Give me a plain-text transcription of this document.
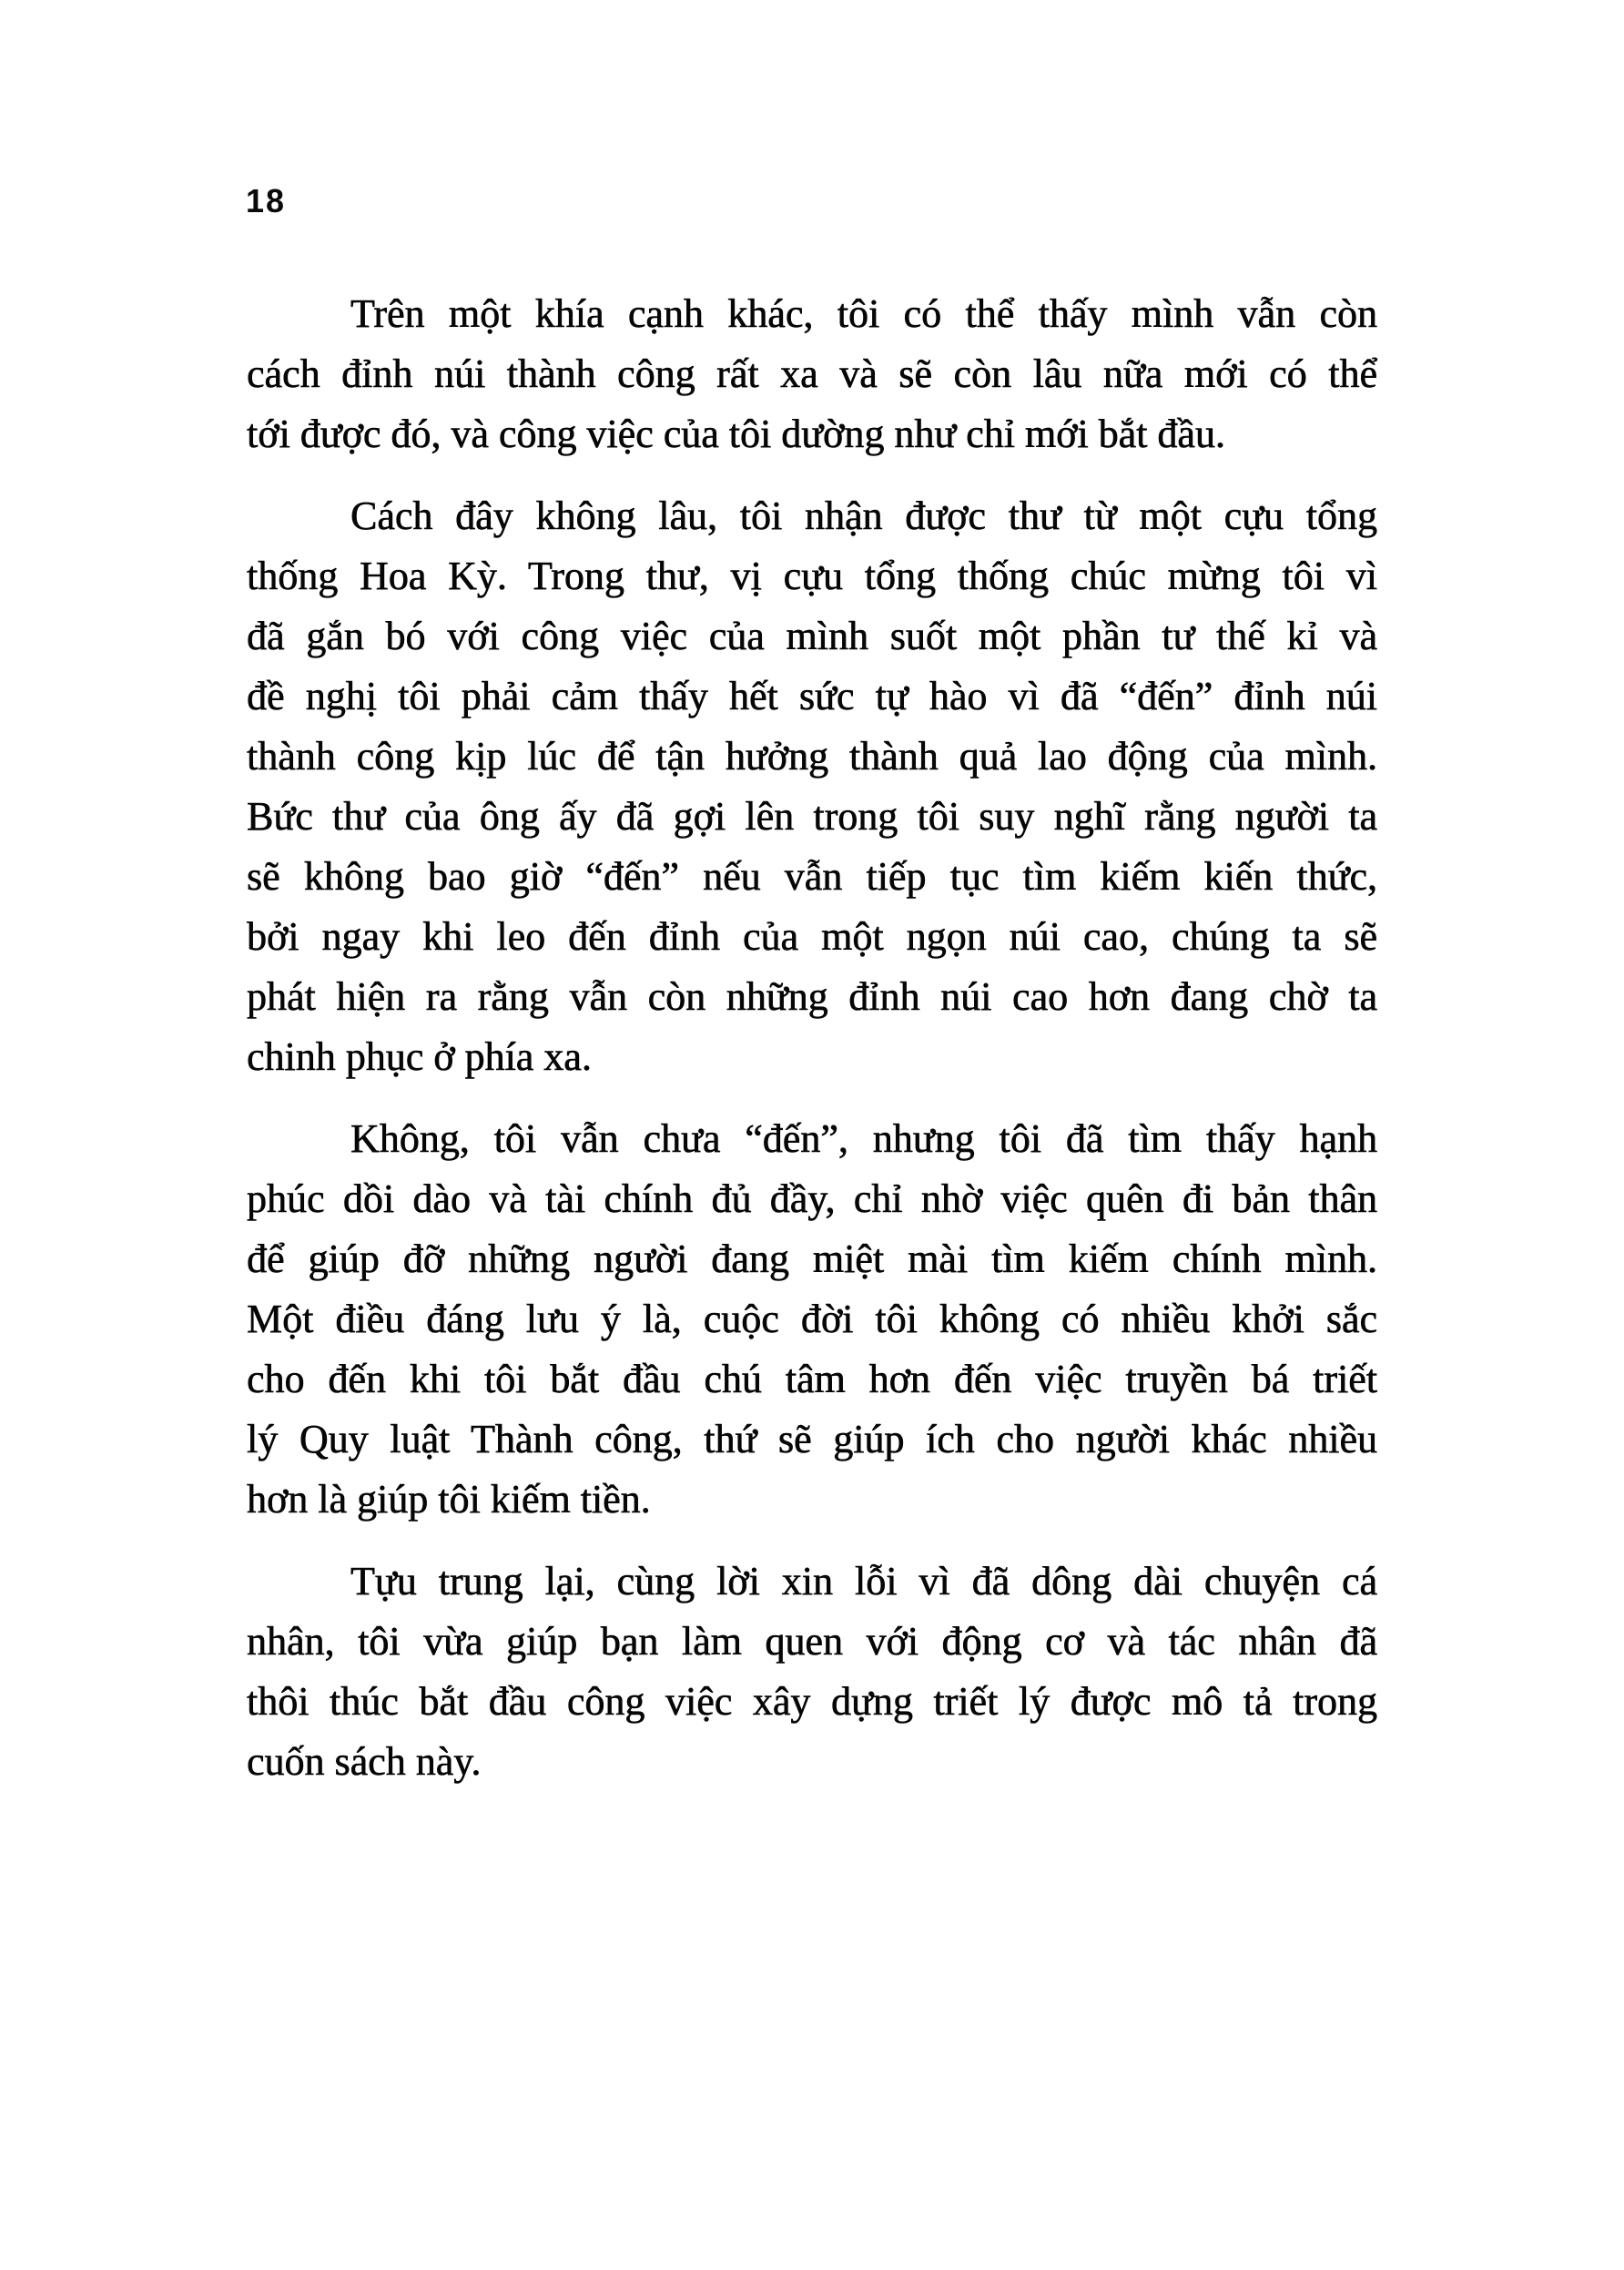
18
Trên một khía cạnh khác, tôi có thể thấy mình vẫn còn
cách đỉnh núi thành công rất xa và sẽ còn lâu nữa mới có thể
tới được đó, và công việc của tôi dường như chỉ mới bắt đầu.
Cách đây không lâu, tôi nhận được thư từ một cựu tổng
thống Hoa Kỳ. Trong thư, vị cựu tổng thống chúc mừng tôi vì
đã gắn bó với công việc của mình suốt một phần tư thế kỉ và
đề nghị tôi phải cảm thấy hết sức tự hào vì đã “đến” đỉnh núi
thành công kịp lúc để tận hưởng thành quả lao động của mình.
Bức thư của ông ấy đã gợi lên trong tôi suy nghĩ rằng người ta
sẽ không bao giờ “đến” nếu vẫn tiếp tục tìm kiếm kiến thức,
bởi ngay khi leo đến đỉnh của một ngọn núi cao, chúng ta sẽ
phát hiện ra rằng vẫn còn những đỉnh núi cao hơn đang chờ ta
chinh phục ở phía xa.
Không, tôi vẫn chưa “đến”, nhưng tôi đã tìm thấy hạnh
phúc dồi dào và tài chính đủ đầy, chỉ nhờ việc quên đi bản thân
để giúp đỡ những người đang miệt mài tìm kiếm chính mình.
Một điều đáng lưu ý là, cuộc đời tôi không có nhiều khởi sắc
cho đến khi tôi bắt đầu chú tâm hơn đến việc truyền bá triết
lý Quy luật Thành công, thứ sẽ giúp ích cho người khác nhiều
hơn là giúp tôi kiếm tiền.
Tựu trung lại, cùng lời xin lỗi vì đã dông dài chuyện cá
nhân, tôi vừa giúp bạn làm quen với động cơ và tác nhân đã
thôi thúc bắt đầu công việc xây dựng triết lý được mô tả trong
cuốn sách này.
